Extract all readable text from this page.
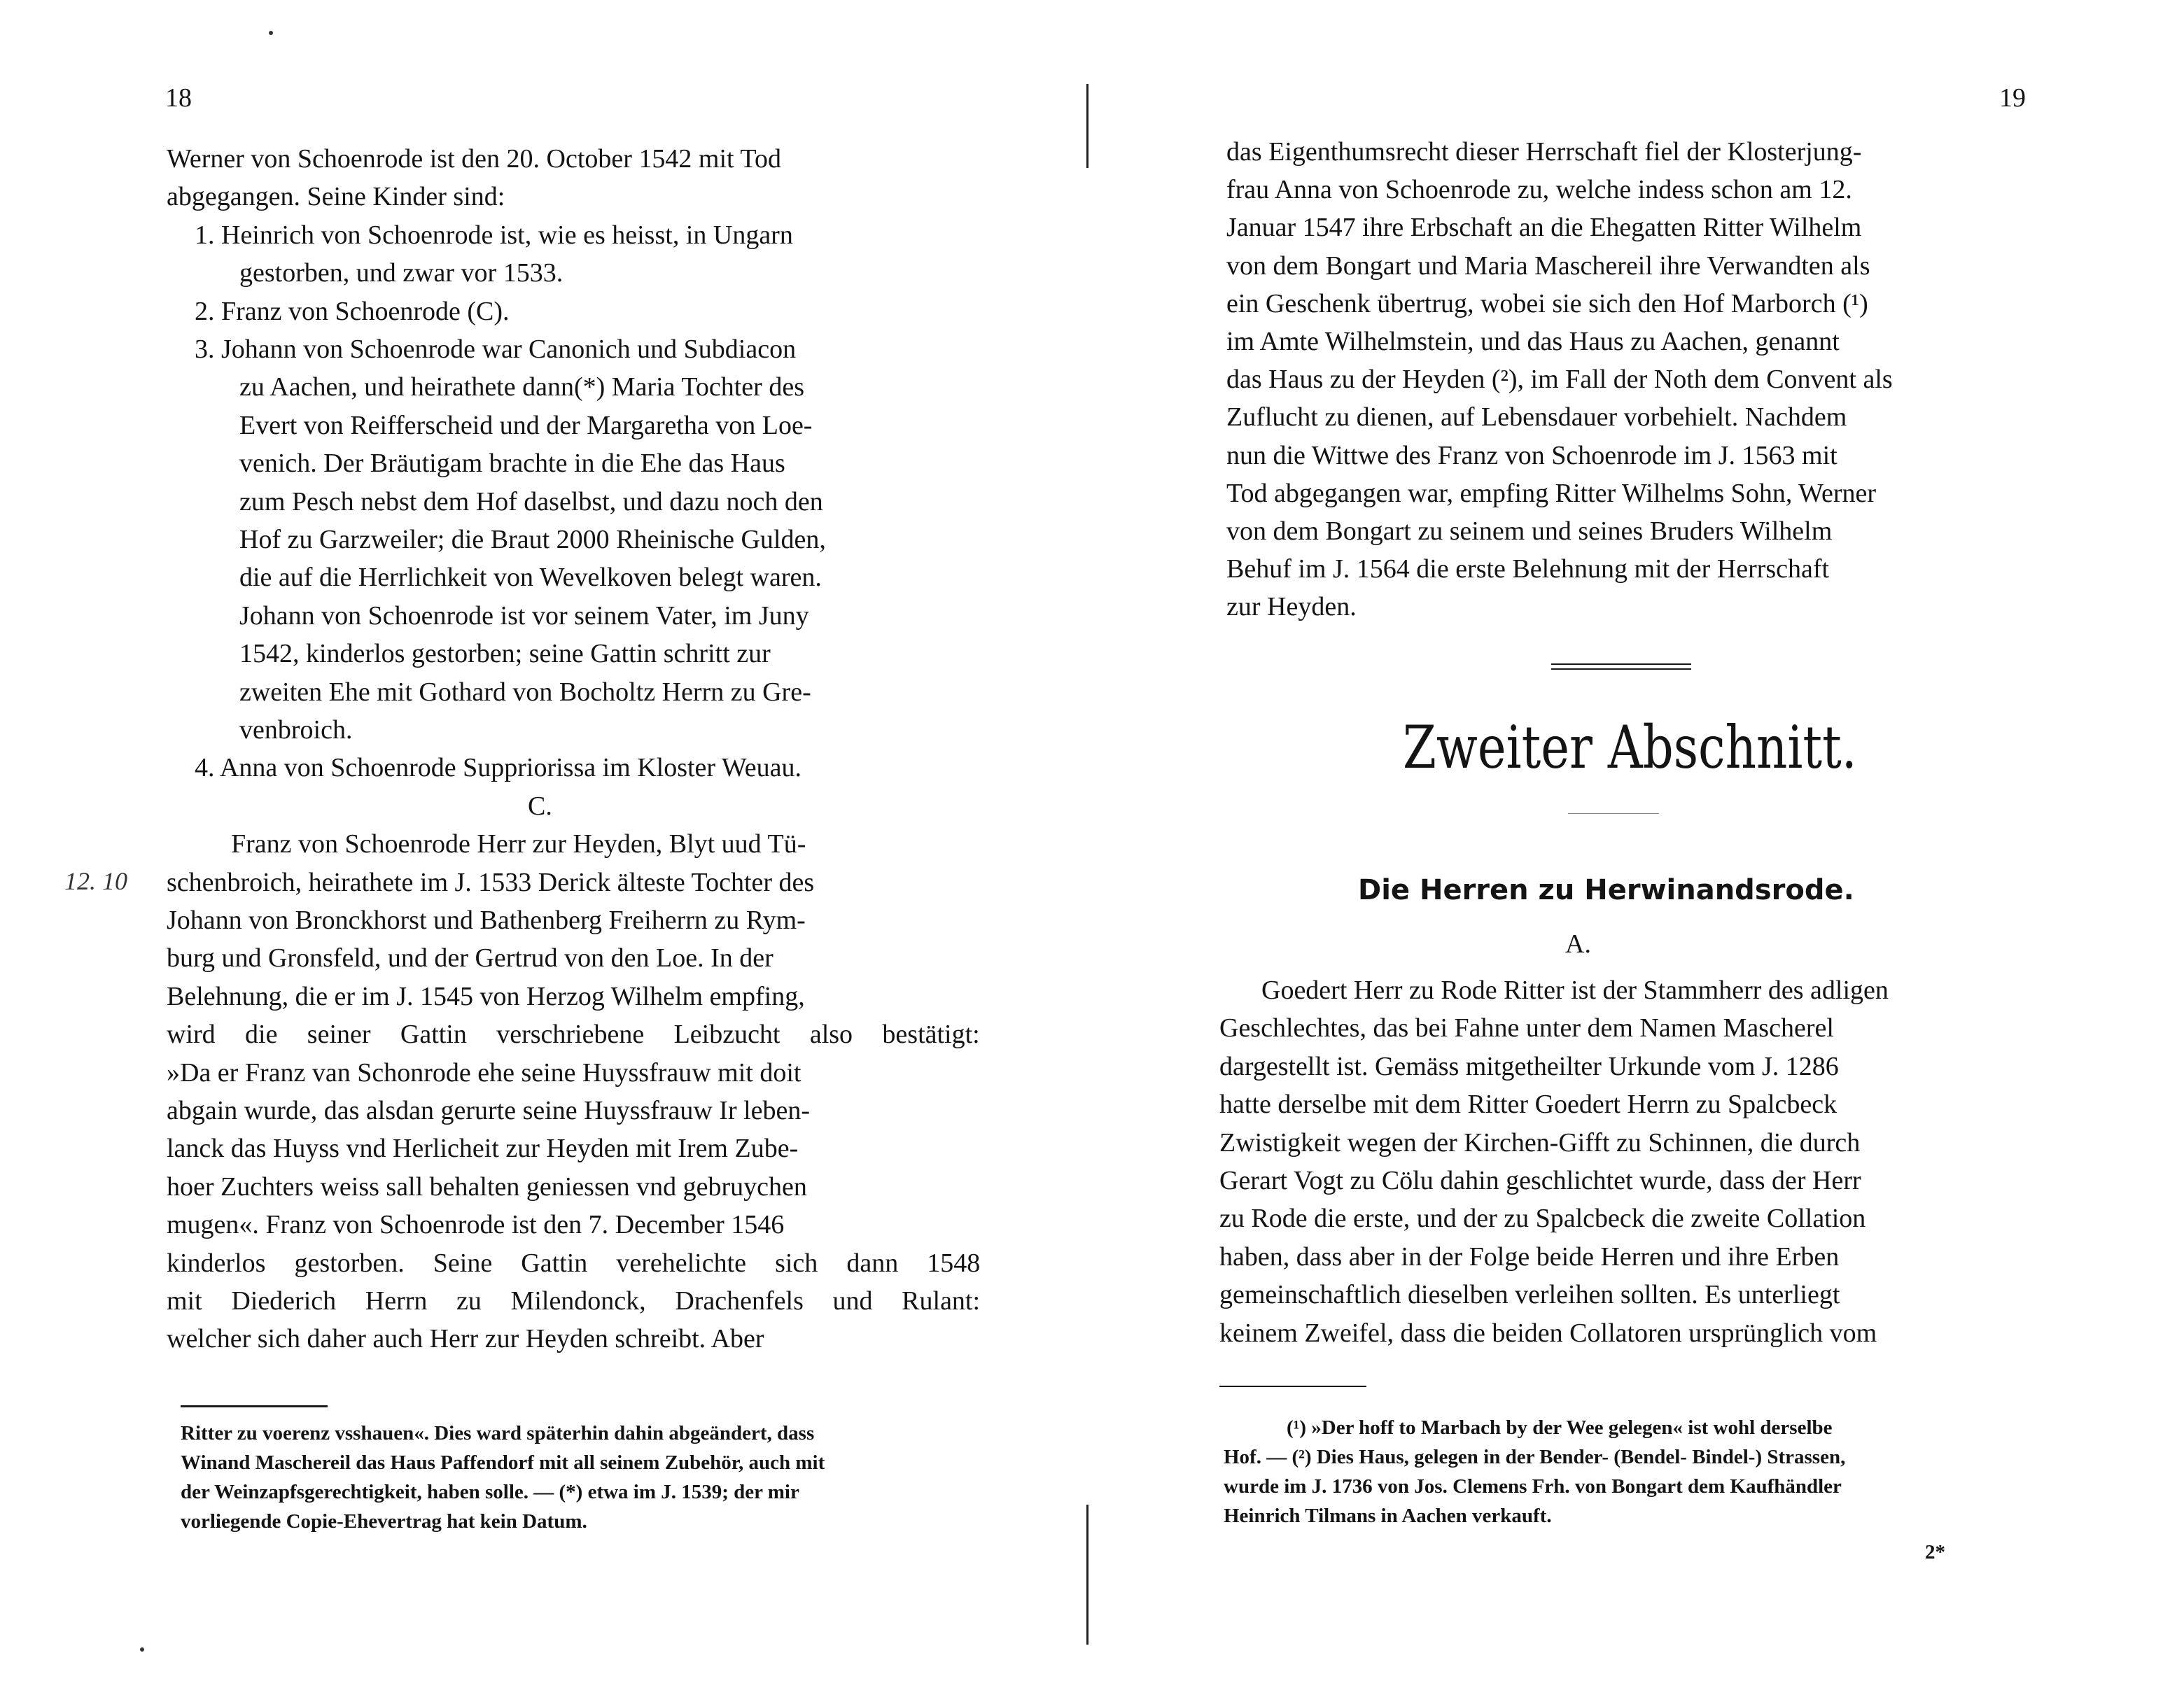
18
Werner von Schoenrode ist den 20. October 1542 mit Tod
abgegangen. Seine Kinder sind:
1. Heinrich von Schoenrode ist, wie es heisst, in Ungarn
gestorben, und zwar vor 1533.
2. Franz von Schoenrode (C).
3. Johann von Schoenrode war Canonich und Subdiacon
zu Aachen, und heirathete dann(*) Maria Tochter des
Evert von Reifferscheid und der Margaretha von Loe-
venich. Der Bräutigam brachte in die Ehe das Haus
zum Pesch nebst dem Hof daselbst, und dazu noch den
Hof zu Garzweiler; die Braut 2000 Rheinische Gulden,
die auf die Herrlichkeit von Wevelkoven belegt waren.
Johann von Schoenrode ist vor seinem Vater, im Juny
1542, kinderlos gestorben; seine Gattin schritt zur
zweiten Ehe mit Gothard von Bocholtz Herrn zu Gre-
venbroich.
4. Anna von Schoenrode Suppriorissa im Kloster Weuau.
C.
Franz von Schoenrode Herr zur Heyden, Blyt uud Tü-
schenbroich, heirathete im J. 1533 Derick älteste Tochter des
Johann von Bronckhorst und Bathenberg Freiherrn zu Rym-
burg und Gronsfeld, und der Gertrud von den Loe. In der
Belehnung, die er im J. 1545 von Herzog Wilhelm empfing,
wird die seiner Gattin verschriebene Leibzucht also bestätigt:
»Da er Franz van Schonrode ehe seine Huyssfrauw mit doit
abgain wurde, das alsdan gerurte seine Huyssfrauw Ir leben-
lanck das Huyss vnd Herlicheit zur Heyden mit Irem Zube-
hoer Zuchters weiss sall behalten geniessen vnd gebruychen
mugen«. Franz von Schoenrode ist den 7. December 1546
kinderlos gestorben. Seine Gattin verehelichte sich dann 1548
mit Diederich Herrn zu Milendonck, Drachenfels und Rulant:
welcher sich daher auch Herr zur Heyden schreibt. Aber
12. 10
Ritter zu voerenz vsshauen«. Dies ward späterhin dahin abgeändert, dass
Winand Maschereil das Haus Paffendorf mit all seinem Zubehör, auch mit
der Weinzapfsgerechtigkeit, haben solle. — (*) etwa im J. 1539; der mir
vorliegende Copie-Ehevertrag hat kein Datum.
19
das Eigenthumsrecht dieser Herrschaft fiel der Klosterjung-
frau Anna von Schoenrode zu, welche indess schon am 12.
Januar 1547 ihre Erbschaft an die Ehegatten Ritter Wilhelm
von dem Bongart und Maria Maschereil ihre Verwandten als
ein Geschenk übertrug, wobei sie sich den Hof Marborch (¹)
im Amte Wilhelmstein, und das Haus zu Aachen, genannt
das Haus zu der Heyden (²), im Fall der Noth dem Convent als
Zuflucht zu dienen, auf Lebensdauer vorbehielt. Nachdem
nun die Wittwe des Franz von Schoenrode im J. 1563 mit
Tod abgegangen war, empfing Ritter Wilhelms Sohn, Werner
von dem Bongart zu seinem und seines Bruders Wilhelm
Behuf im J. 1564 die erste Belehnung mit der Herrschaft
zur Heyden.
Zweiter Abschnitt.
Die Herren zu Herwinandsrode.
A.
Goedert Herr zu Rode Ritter ist der Stammherr des adligen
Geschlechtes, das bei Fahne unter dem Namen Mascherel
dargestellt ist. Gemäss mitgetheilter Urkunde vom J. 1286
hatte derselbe mit dem Ritter Goedert Herrn zu Spalcbeck
Zwistigkeit wegen der Kirchen-Gifft zu Schinnen, die durch
Gerart Vogt zu Cölu dahin geschlichtet wurde, dass der Herr
zu Rode die erste, und der zu Spalcbeck die zweite Collation
haben, dass aber in der Folge beide Herren und ihre Erben
gemeinschaftlich dieselben verleihen sollten. Es unterliegt
keinem Zweifel, dass die beiden Collatoren ursprünglich vom
(¹) »Der hoff to Marbach by der Wee gelegen« ist wohl derselbe
Hof. — (²) Dies Haus, gelegen in der Bender- (Bendel- Bindel-) Strassen,
wurde im J. 1736 von Jos. Clemens Frh. von Bongart dem Kaufhändler
Heinrich Tilmans in Aachen verkauft.
2*
